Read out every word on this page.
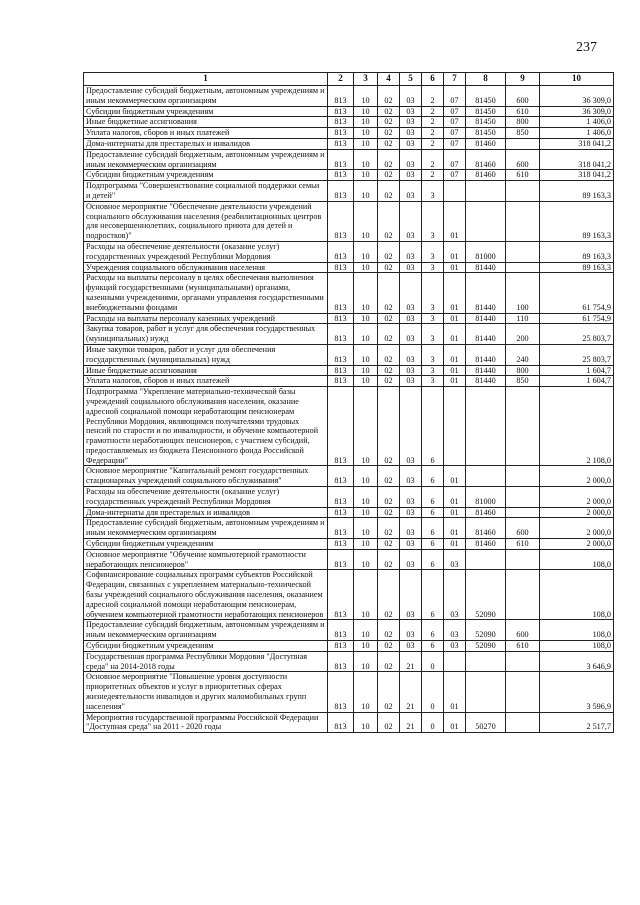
237
1	2	3	4	5	6	7	8	9	10
Предоставление субсидий бюджетным, автономным учреждениям и иным некоммерческим организациям	813	10	02	03	2	07	81450	600	36 309,0
Субсидии бюджетным учреждениям	813	10	02	03	2	07	81450	610	36 309,0
Иные бюджетные ассигнования	813	10	02	03	2	07	81450	800	1 406,0
Уплата налогов, сборов и иных платежей	813	10	02	03	2	07	81450	850	1 406,0
Дома-интернаты для престарелых и инвалидов	813	10	02	03	2	07	81460		318 041,2
Предоставление субсидий бюджетным, автономным учреждениям и иным некоммерческим организациям	813	10	02	03	2	07	81460	600	318 041,2
Субсидии бюджетным учреждениям	813	10	02	03	2	07	81460	610	318 041,2
Подпрограмма "Совершенствование социальной поддержки семьи и детей"	813	10	02	03	3				89 163,3
Основное мероприятие "Обеспечение деятельности учреждений социального обслуживания населения (реабилитационных центров для несовершеннолетних, социального приюта для детей и подростков)"	813	10	02	03	3	01			89 163,3
Расходы на обеспечение деятельности (оказание услуг) государственных учреждений Республики Мордовия	813	10	02	03	3	01	81000		89 163,3
Учреждения социального обслуживания населения	813	10	02	03	3	01	81440		89 163,3
Расходы на выплаты персоналу в целях обеспечения выполнения функций государственными (муниципальными) органами, казенными учреждениями, органами управления государственными внебюджетными фондами	813	10	02	03	3	01	81440	100	61 754,9
Расходы на выплаты персоналу казенных учреждений	813	10	02	03	3	01	81440	110	61 754,9
Закупка товаров, работ и услуг для обеспечения государственных (муниципальных) нужд	813	10	02	03	3	01	81440	200	25 803,7
Иные закупки товаров, работ и услуг для обеспечения государственных (муниципальных) нужд	813	10	02	03	3	01	81440	240	25 803,7
Иные бюджетные ассигнования	813	10	02	03	3	01	81440	800	1 604,7
Уплата налогов, сборов и иных платежей	813	10	02	03	3	01	81440	850	1 604,7
Подпрограмма "Укрепление материально-технической базы учреждений социального обслуживания населения, оказание адресной социальной помощи неработающим пенсионерам Республики Мордовия, являющимся получателями трудовых пенсий по старости и по инвалидности, и обучение компьютерной грамотности неработающих пенсионеров, с участием субсидий, предоставляемых из бюджета Пенсионного фонда Российской Федерации"	813	10	02	03	6				2 108,0
Основное мероприятие "Капитальный ремонт государственных стационарных учреждений социального обслуживания"	813	10	02	03	6	01			2 000,0
Расходы на обеспечение деятельности (оказание услуг) государственных учреждений Республики Мордовия	813	10	02	03	6	01	81000		2 000,0
Дома-интернаты для престарелых и инвалидов	813	10	02	03	6	01	81460		2 000,0
Предоставление субсидий бюджетным, автономным учреждениям и иным некоммерческим организациям	813	10	02	03	6	01	81460	600	2 000,0
Субсидии бюджетным учреждениям	813	10	02	03	6	01	81460	610	2 000,0
Основное мероприятие "Обучение компьютерной грамотности неработающих пенсионеров"	813	10	02	03	6	03			108,0
Софинансирование социальных программ субъектов Российской Федерации, связанных с укреплением материально-технической базы учреждений социального обслуживания населения, оказанием адресной социальной помощи неработающим пенсионерам, обучением компьютерной грамотности неработающих пенсионеров	813	10	02	03	6	03	52090		108,0
Предоставление субсидий бюджетным, автономным учреждениям и иным некоммерческим организациям	813	10	02	03	6	03	52090	600	108,0
Субсидии бюджетным учреждениям	813	10	02	03	6	03	52090	610	108,0
Государственная программа Республики Мордовия "Доступная среда" на 2014-2018 годы	813	10	02	21	0				3 646,9
Основное мероприятие "Повышение уровня доступности приоритетных объектов и услуг в приоритетных сферах жизнедеятельности инвалидов и других маломобильных групп населения"	813	10	02	21	0	01			3 596,9
Мероприятия государственной программы Российской Федерации "Доступная среда" на 2011 - 2020 годы	813	10	02	21	0	01	50270		2 517,7
